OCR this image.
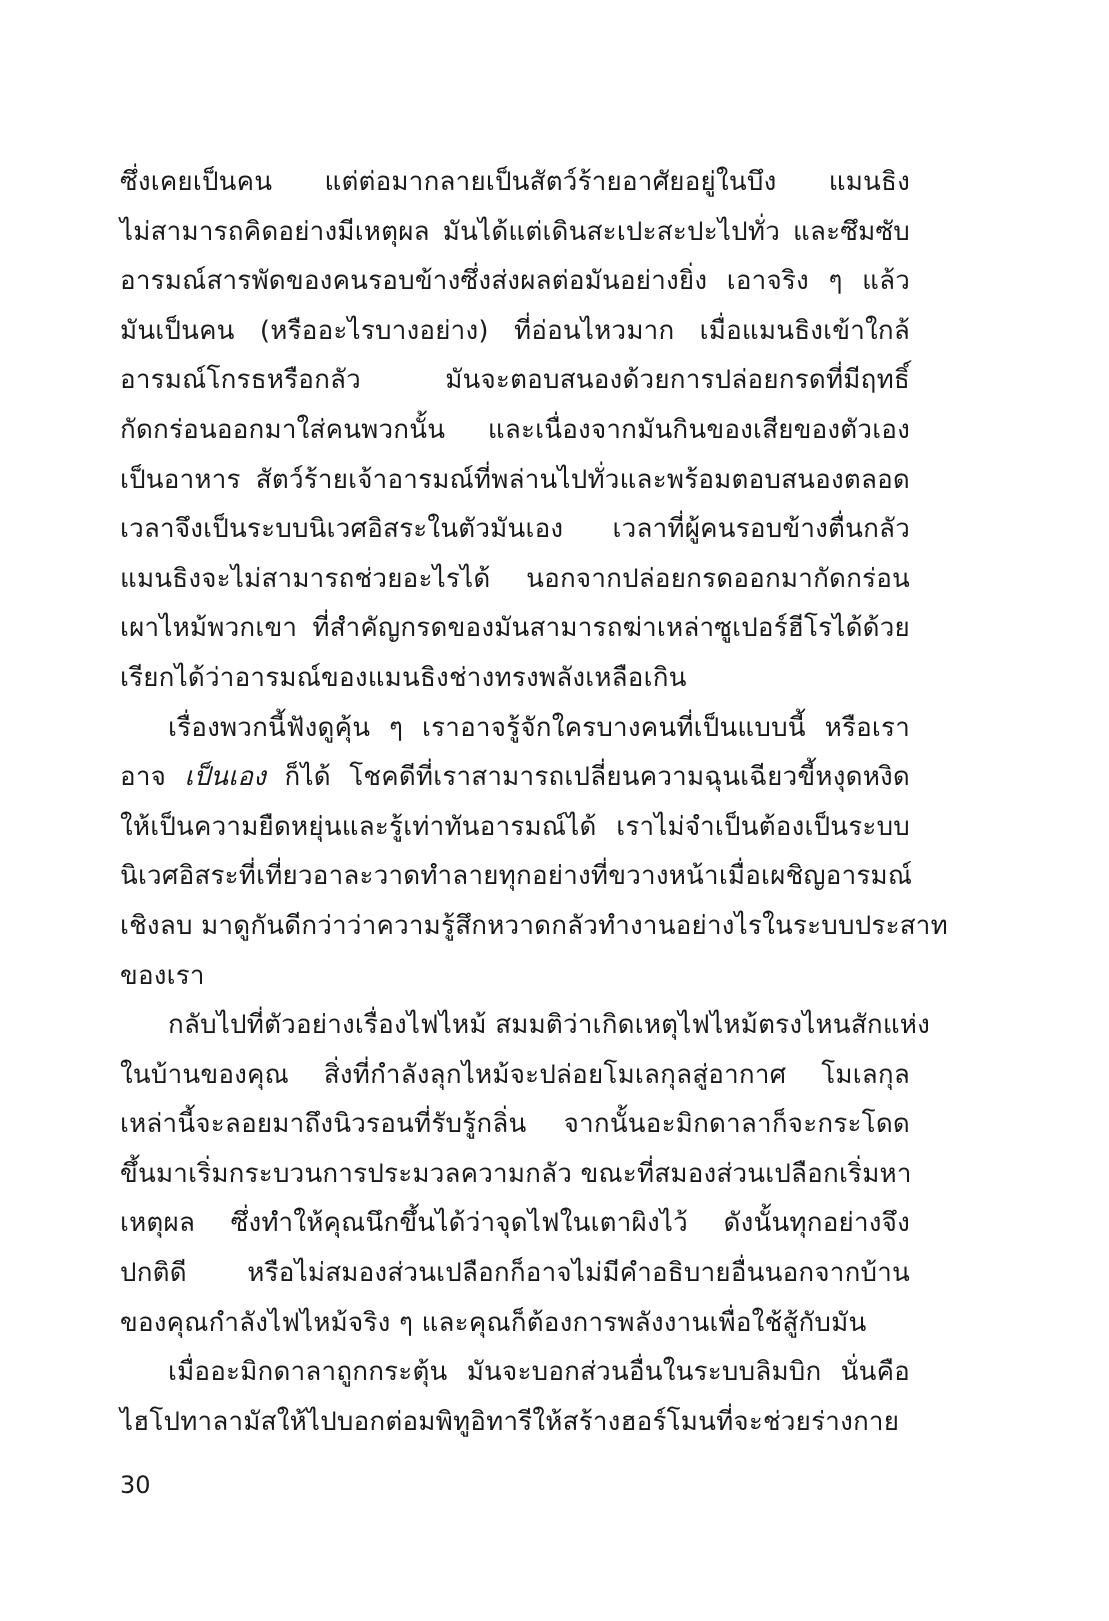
ซึ่งเคยเป็นคน แต่ต่อมากลายเป็นสัตว์ร้ายอาศัยอยู่ในบึง แมนธิง
ไม่สามารถคิดอย่างมีเหตุผล มันได้แต่เดินสะเปะสะปะไปทั่ว และซึมซับ
อารมณ์สารพัดของคนรอบข้างซึ่งส่งผลต่อมันอย่างยิ่ง เอาจริง ๆ แล้ว
มันเป็นคน (หรืออะไรบางอย่าง) ที่อ่อนไหวมาก เมื่อแมนธิงเข้าใกล้
อารมณ์โกรธหรือกลัว มันจะตอบสนองด้วยการปล่อยกรดที่มีฤทธิ์
กัดกร่อนออกมาใส่คนพวกนั้น และเนื่องจากมันกินของเสียของตัวเอง
เป็นอาหาร สัตว์ร้ายเจ้าอารมณ์ที่พล่านไปทั่วและพร้อมตอบสนองตลอด
เวลาจึงเป็นระบบนิเวศอิสระในตัวมันเอง เวลาที่ผู้คนรอบข้างตื่นกลัว
แมนธิงจะไม่สามารถช่วยอะไรได้ นอกจากปล่อยกรดออกมากัดกร่อน
เผาไหม้พวกเขา ที่สำคัญกรดของมันสามารถฆ่าเหล่าซูเปอร์ฮีโรได้ด้วย
เรียกได้ว่าอารมณ์ของแมนธิงช่างทรงพลังเหลือเกิน
เรื่องพวกนี้ฟังดูคุ้น ๆ เราอาจรู้จักใครบางคนที่เป็นแบบนี้ หรือเรา
อาจ เป็นเอง ก็ได้ โชคดีที่เราสามารถเปลี่ยนความฉุนเฉียวขี้หงุดหงิด
ให้เป็นความยืดหยุ่นและรู้เท่าทันอารมณ์ได้ เราไม่จำเป็นต้องเป็นระบบ
นิเวศอิสระที่เที่ยวอาละวาดทำลายทุกอย่างที่ขวางหน้าเมื่อเผชิญอารมณ์
เชิงลบ มาดูกันดีกว่าว่าความรู้สึกหวาดกลัวทำงานอย่างไรในระบบประสาท
ของเรา
กลับไปที่ตัวอย่างเรื่องไฟไหม้ สมมติว่าเกิดเหตุไฟไหม้ตรงไหนสักแห่ง
ในบ้านของคุณ สิ่งที่กำลังลุกไหม้จะปล่อยโมเลกุลสู่อากาศ โมเลกุล
เหล่านี้จะลอยมาถึงนิวรอนที่รับรู้กลิ่น จากนั้นอะมิกดาลาก็จะกระโดด
ขึ้นมาเริ่มกระบวนการประมวลความกลัว ขณะที่สมองส่วนเปลือกเริ่มหา
เหตุผล ซึ่งทำให้คุณนึกขึ้นได้ว่าจุดไฟในเตาผิงไว้ ดังนั้นทุกอย่างจึง
ปกติดี หรือไม่สมองส่วนเปลือกก็อาจไม่มีคำอธิบายอื่นนอกจากบ้าน
ของคุณกำลังไฟไหม้จริง ๆ และคุณก็ต้องการพลังงานเพื่อใช้สู้กับมัน
เมื่ออะมิกดาลาถูกกระตุ้น มันจะบอกส่วนอื่นในระบบลิมบิก นั่นคือ
ไฮโปทาลามัสให้ไปบอกต่อมพิทูอิทารีให้สร้างฮอร์โมนที่จะช่วยร่างกาย
30
